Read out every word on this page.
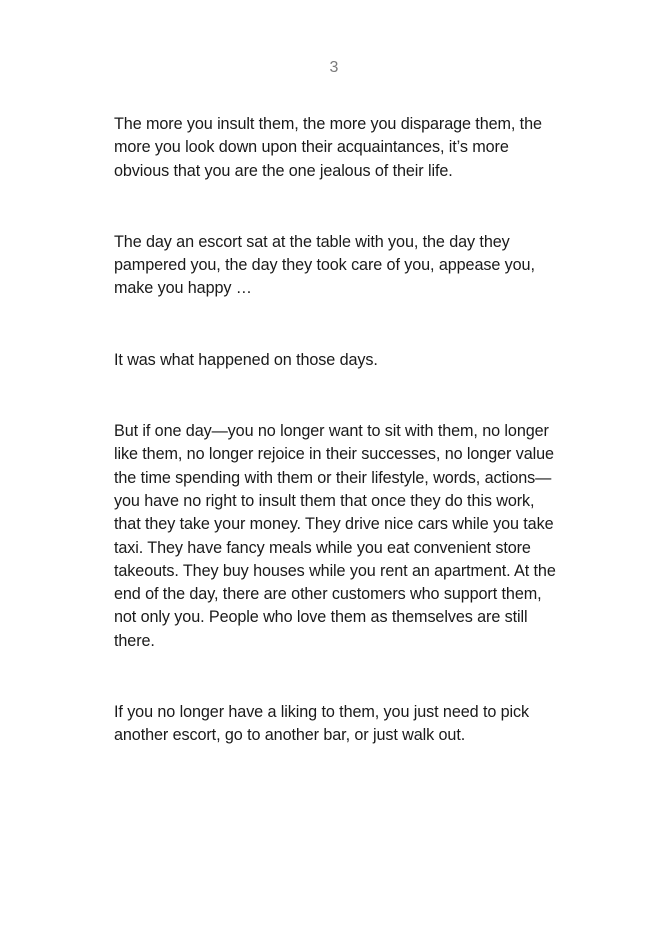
3

The more you insult them, the more you disparage them, the more you look down upon their acquaintances, it’s more obvious that you are the one jealous of their life.

The day an escort sat at the table with you, the day they pampered you, the day they took care of you, appease you, make you happy …

It was what happened on those days.

But if one day—you no longer want to sit with them, no longer like them, no longer rejoice in their successes, no longer value the time spending with them or their lifestyle, words, actions—you have no right to insult them that once they do this work, that they take your money. They drive nice cars while you take taxi. They have fancy meals while you eat convenient store takeouts. They buy houses while you rent an apartment. At the end of the day, there are other customers who support them, not only you. People who love them as themselves are still there.

If you no longer have a liking to them, you just need to pick another escort, go to another bar, or just walk out.
